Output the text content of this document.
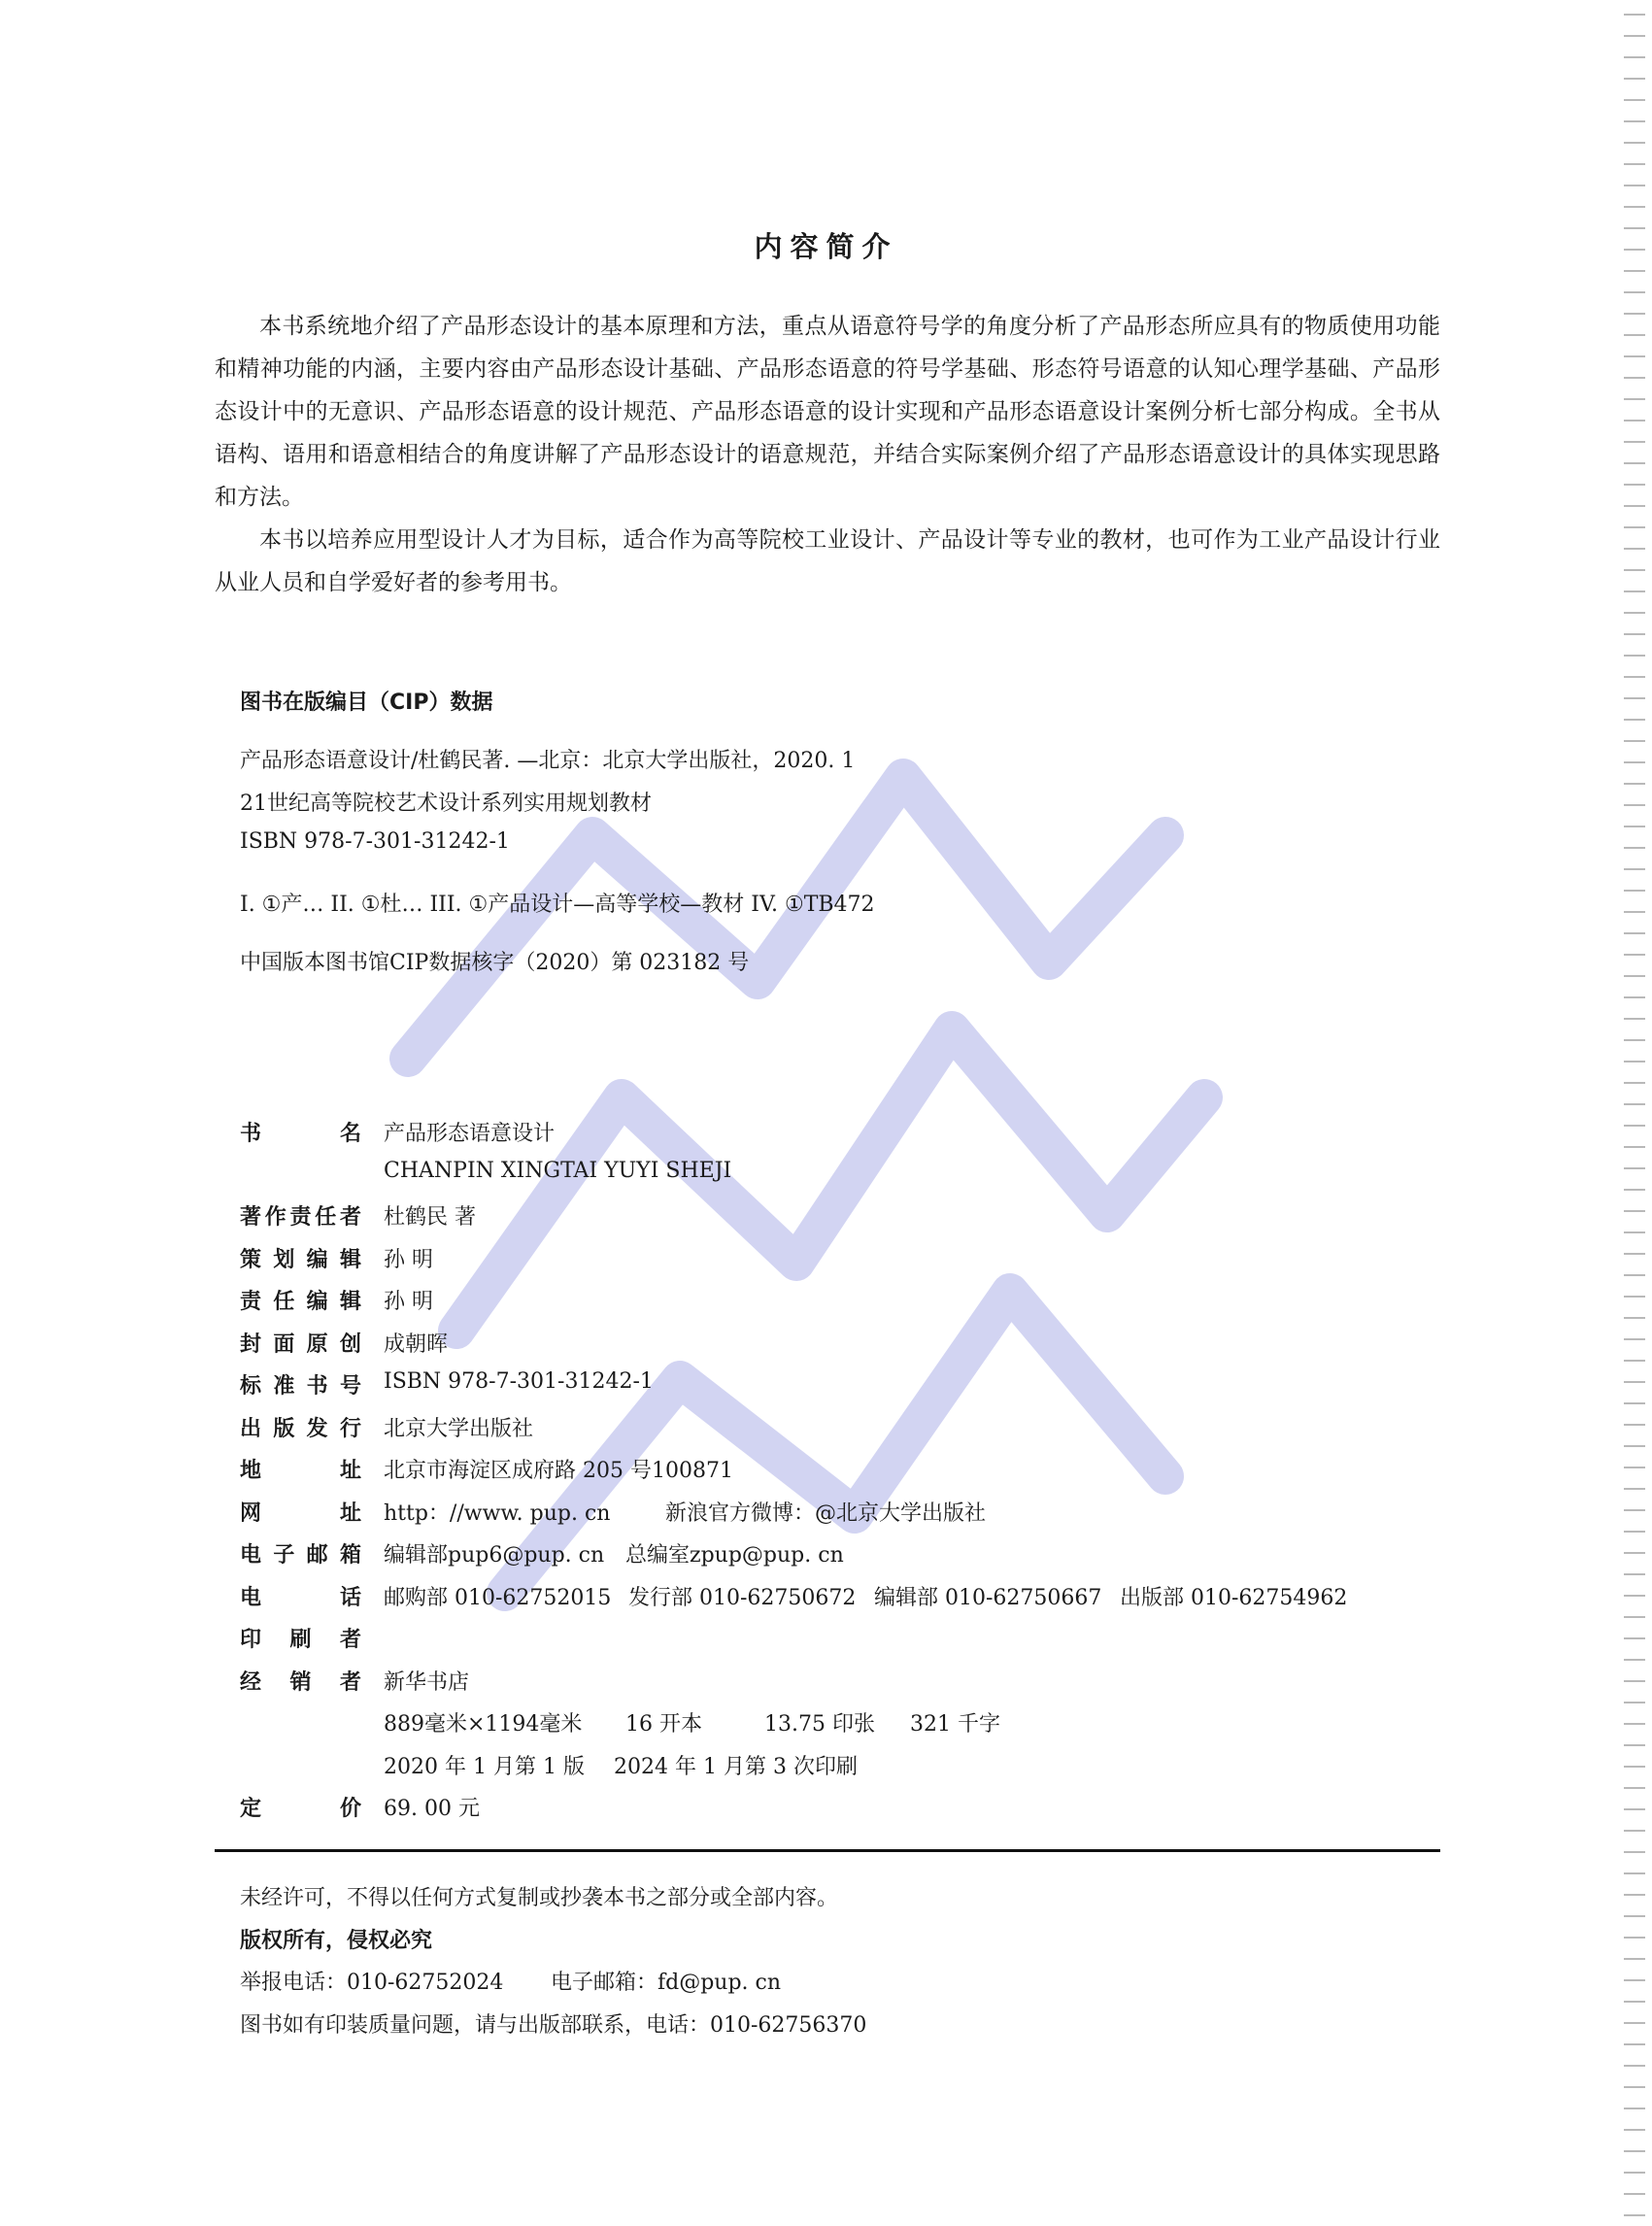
内容简介

本书系统地介绍了产品形态设计的基本原理和方法，重点从语意符号学的角度分析了产品形态所应具有的物质使用功能和精神功能的内涵，主要内容由产品形态设计基础、产品形态语意的符号学基础、形态符号语意的认知心理学基础、产品形态设计中的无意识、产品形态语意的设计规范、产品形态语意的设计实现和产品形态语意设计案例分析七部分构成。全书从语构、语用和语意相结合的角度讲解了产品形态设计的语意规范，并结合实际案例介绍了产品形态语意设计的具体实现思路和方法。

本书以培养应用型设计人才为目标，适合作为高等院校工业设计、产品设计等专业的教材，也可作为工业产品设计行业从业人员和自学爱好者的参考用书。

图书在版编目（CIP）数据
产品形态语意设计/杜鹤民著. —北京：北京大学出版社，2020. 1
21世纪高等院校艺术设计系列实用规划教材
ISBN 978-7-301-31242-1
I. ①产… II. ①杜… III. ①产品设计—高等学校—教材 IV. ①TB472
中国版本图书馆CIP数据核字（2020）第 023182 号
书名 产品形态语意设计
CHANPIN XINGTAI YUYI SHEJI
著作责任者 杜鹤民 著
策划编辑 孙 明
责任编辑 孙 明
封面原创 成朝晖
标准书号 ISBN 978-7-301-31242-1
出版发行 北京大学出版社
地址 北京市海淀区成府路 205 号100871
网址 http：//www. pup. cn	新浪官方微博：@北京大学出版社
电子邮箱 编辑部pup6@pup. cn 总编室zpup@pup. cn
电话 邮购部 010-62752015 发行部 010-62750672 编辑部 010-62750667 出版部 010-62754962
印刷者
经销者 新华书店
889毫米×1194毫米 16 开本	13.75 印张 321 千字
2020 年 1 月第 1 版 2024 年 1 月第 3 次印刷
定价 69. 00 元
未经许可，不得以任何方式复制或抄袭本书之部分或全部内容。
版权所有，侵权必究
举报电话：010-62752024 电子邮箱：fd@pup. cn
图书如有印装质量问题，请与出版部联系，电话：010-62756370
